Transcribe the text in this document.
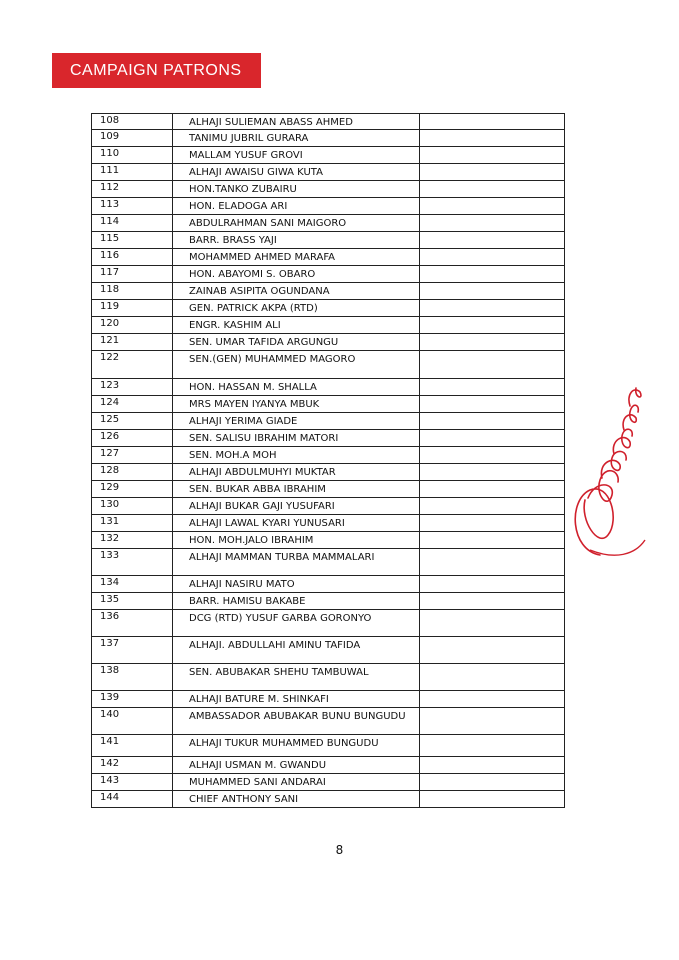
CAMPAIGN PATRONS
108	ALHAJI SULIEMAN ABASS AHMED	
109	TANIMU JUBRIL GURARA	
110	MALLAM YUSUF GROVI	
111	ALHAJI AWAISU GIWA KUTA	
112	HON.TANKO ZUBAIRU	
113	HON. ELADOGA ARI	
114	ABDULRAHMAN SANI MAIGORO	
115	BARR. BRASS YAJI	
116	MOHAMMED AHMED MARAFA	
117	HON. ABAYOMI S. OBARO	
118	ZAINAB ASIPITA OGUNDANA	
119	GEN. PATRICK AKPA (RTD)	
120	ENGR. KASHIM ALI	
121	SEN. UMAR TAFIDA ARGUNGU	
122	SEN.(GEN) MUHAMMED MAGORO	
123	HON. HASSAN M. SHALLA	
124	MRS MAYEN IYANYA MBUK	
125	ALHAJI YERIMA GIADE	
126	SEN. SALISU IBRAHIM MATORI	
127	SEN. MOH.A MOH	
128	ALHAJI ABDULMUHYI MUKTAR	
129	SEN. BUKAR ABBA IBRAHIM	
130	ALHAJI BUKAR GAJI YUSUFARI	
131	ALHAJI LAWAL KYARI YUNUSARI	
132	HON. MOH.JALO IBRAHIM	
133	ALHAJI MAMMAN TURBA MAMMALARI	
134	ALHAJI NASIRU MATO	
135	BARR. HAMISU BAKABE	
136	DCG (RTD) YUSUF GARBA GORONYO	
137	ALHAJI. ABDULLAHI AMINU TAFIDA	
138	SEN. ABUBAKAR SHEHU TAMBUWAL	
139	ALHAJI BATURE M. SHINKAFI	
140	AMBASSADOR ABUBAKAR BUNU BUNGUDU	
141	ALHAJI TUKUR MUHAMMED BUNGUDU	
142	ALHAJI USMAN M. GWANDU	
143	MUHAMMED SANI ANDARAI	
144	CHIEF ANTHONY SANI	
8
